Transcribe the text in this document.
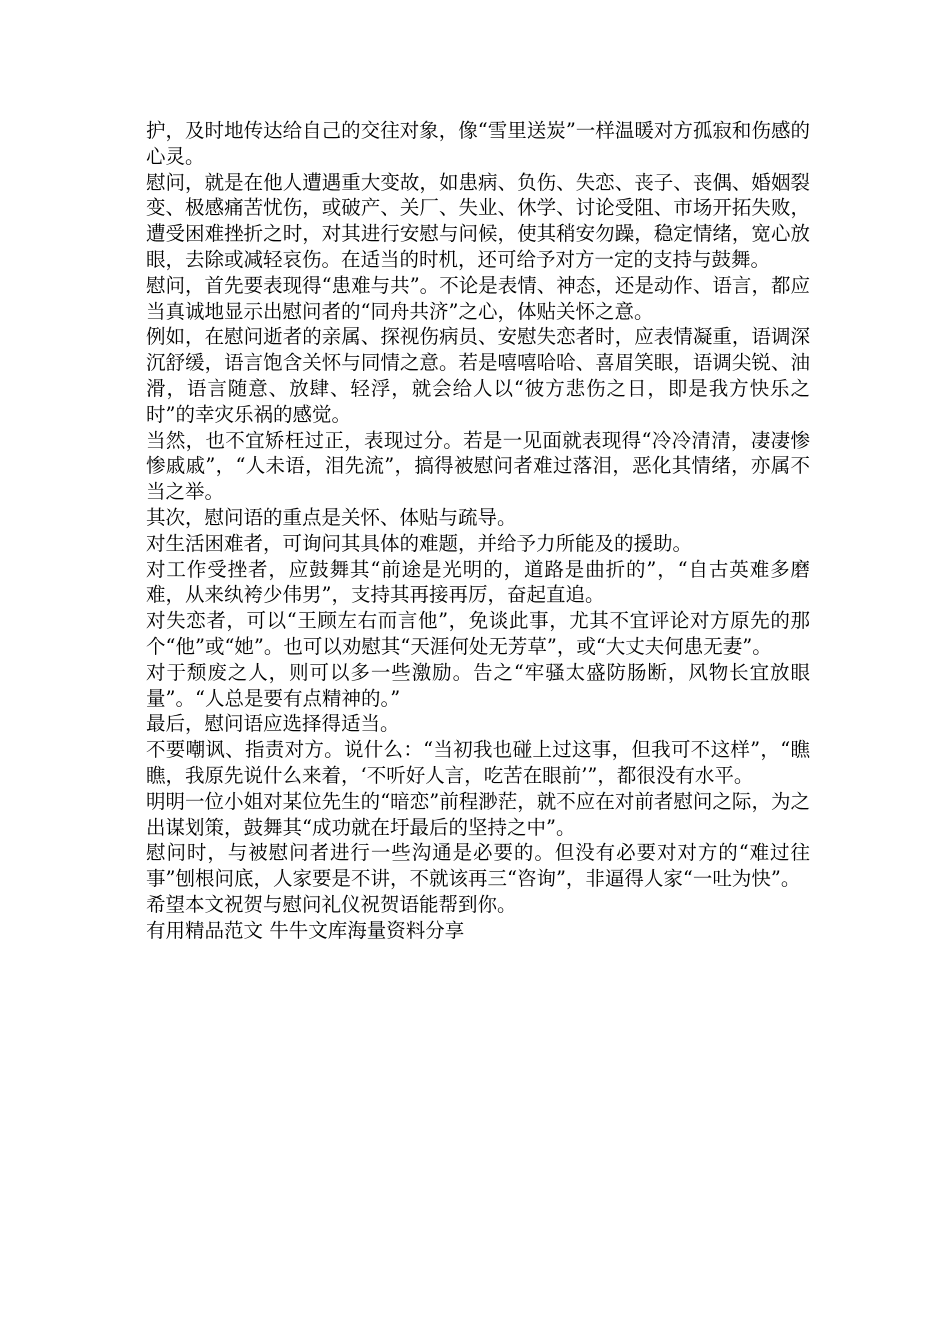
护，及时地传达给自己的交往对象，像“雪里送炭”一样温暖对方孤寂和伤感的心灵。

慰问，就是在他人遭遇重大变故，如患病、负伤、失恋、丧子、丧偶、婚姻裂变、极感痛苦忧伤，或破产、关厂、失业、休学、讨论受阻、市场开拓失败，遭受困难挫折之时，对其进行安慰与问候，使其稍安勿躁，稳定情绪，宽心放眼，去除或减轻哀伤。在适当的时机，还可给予对方一定的支持与鼓舞。

慰问，首先要表现得“患难与共”。不论是表情、神态，还是动作、语言，都应当真诚地显示出慰问者的“同舟共济”之心，体贴关怀之意。

例如，在慰问逝者的亲属、探视伤病员、安慰失恋者时，应表情凝重，语调深沉舒缓，语言饱含关怀与同情之意。若是嘻嘻哈哈、喜眉笑眼，语调尖锐、油滑，语言随意、放肆、轻浮，就会给人以“彼方悲伤之日，即是我方快乐之时”的幸灾乐祸的感觉。

当然，也不宜矫枉过正，表现过分。若是一见面就表现得“冷冷清清，凄凄惨惨戚戚”，“人未语，泪先流”，搞得被慰问者难过落泪，恶化其情绪，亦属不当之举。

其次，慰问语的重点是关怀、体贴与疏导。

对生活困难者，可询问其具体的难题，并给予力所能及的援助。

对工作受挫者，应鼓舞其“前途是光明的，道路是曲折的”，“自古英难多磨难，从来纨袴少伟男”，支持其再接再厉，奋起直追。

对失恋者，可以“王顾左右而言他”，免谈此事，尤其不宜评论对方原先的那个“他”或“她”。也可以劝慰其“天涯何处无芳草”，或“大丈夫何患无妻”。

对于颓废之人，则可以多一些激励。告之“牢骚太盛防肠断，风物长宜放眼量”。“人总是要有点精神的。”

最后，慰问语应选择得适当。

不要嘲讽、指责对方。说什么：“当初我也碰上过这事，但我可不这样”，“瞧瞧，我原先说什么来着，‘不听好人言，吃苦在眼前’”，都很没有水平。

明明一位小姐对某位先生的“暗恋”前程渺茫，就不应在对前者慰问之际，为之出谋划策，鼓舞其“成功就在圩最后的坚持之中”。

慰问时，与被慰问者进行一些沟通是必要的。但没有必要对对方的“难过往事”刨根问底，人家要是不讲，不就该再三“咨询”，非逼得人家“一吐为快”。

希望本文祝贺与慰问礼仪祝贺语能帮到你。

有用精品范文 牛牛文库海量资料分享
